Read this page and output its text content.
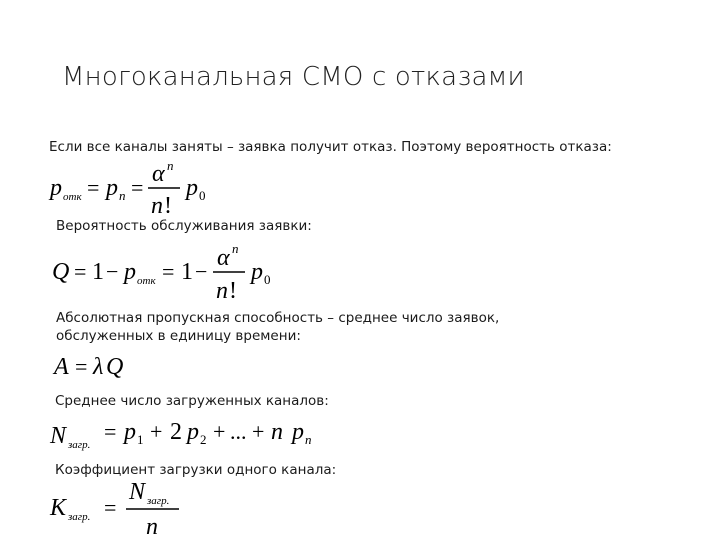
Многоканальная СМО с отказами
Если все каналы заняты – заявка получит отказ. Поэтому вероятность отказа:
p отк = p n =
α n
n !
p 0
Вероятность обслуживания заявки:
Q = 1 − p отк = 1 −
α n
n !
p 0
Абсолютная пропускная способность – среднее число заявок,
обслуженных в единицу времени:
A = λ Q
Среднее число загруженных каналов:
N загр.
= p 1 + 2 p 2 + ... + n p n
Коэффициент загрузки одного канала:
K загр. =
N загр.
n
